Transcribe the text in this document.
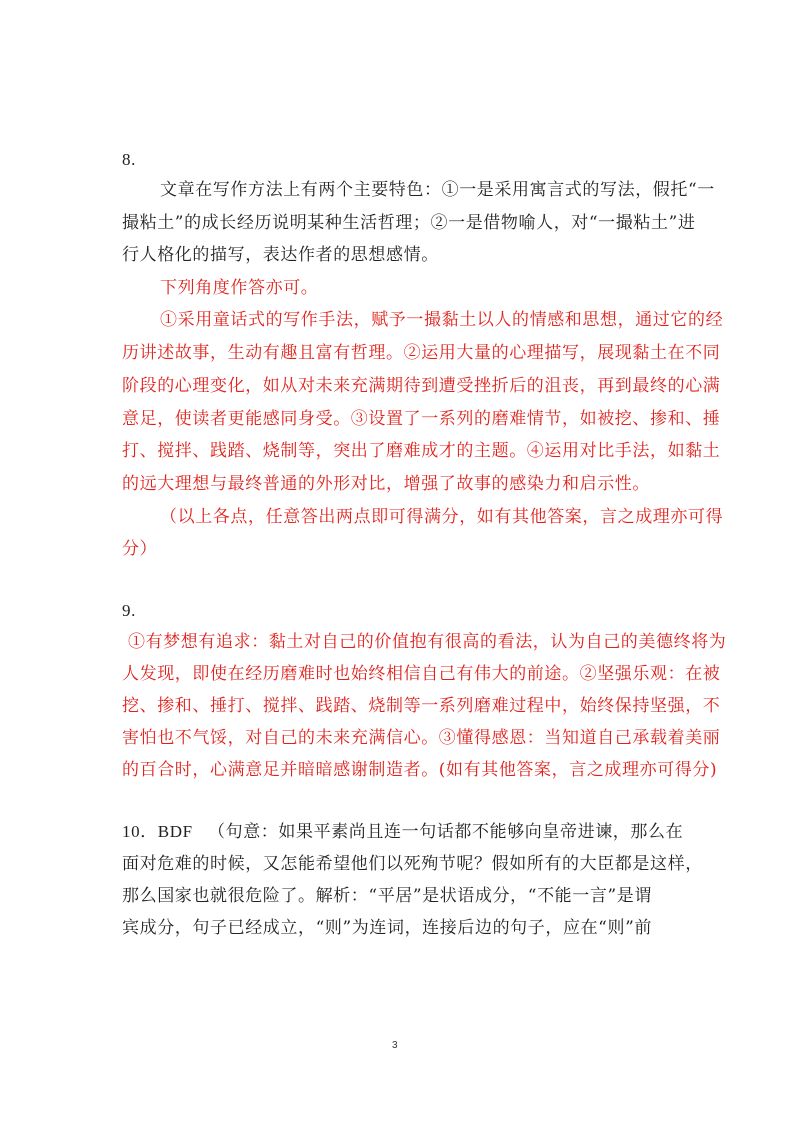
8.
文章在写作方法上有两个主要特色：①一是采用寓言式的写法，假托“一
撮粘土”的成长经历说明某种生活哲理；②一是借物喻人，对“一撮粘土”进
行人格化的描写，表达作者的思想感情。
下列角度作答亦可。
①采用童话式的写作手法，赋予一撮黏土以人的情感和思想，通过它的经
历讲述故事，生动有趣且富有哲理。②运用大量的心理描写，展现黏土在不同
阶段的心理变化，如从对未来充满期待到遭受挫折后的沮丧，再到最终的心满
意足，使读者更能感同身受。③设置了一系列的磨难情节，如被挖、掺和、捶
打、搅拌、践踏、烧制等，突出了磨难成才的主题。④运用对比手法，如黏土
的远大理想与最终普通的外形对比，增强了故事的感染力和启示性。
（以上各点，任意答出两点即可得满分，如有其他答案，言之成理亦可得
分）
9.
①有梦想有追求：黏土对自己的价值抱有很高的看法，认为自己的美德终将为
人发现，即使在经历磨难时也始终相信自己有伟大的前途。②坚强乐观：在被
挖、掺和、捶打、搅拌、践踏、烧制等一系列磨难过程中，始终保持坚强，不
害怕也不气馁，对自己的未来充满信心。③懂得感恩：当知道自己承载着美丽
的百合时，心满意足并暗暗感谢制造者。(如有其他答案，言之成理亦可得分)
10．BDF （句意：如果平素尚且连一句话都不能够向皇帝进谏，那么在
面对危难的时候，又怎能希望他们以死殉节呢？假如所有的大臣都是这样，
那么国家也就很危险了。解析：“平居”是状语成分，“不能一言”是谓
宾成分，句子已经成立，“则”为连词，连接后边的句子，应在“则”前
3
